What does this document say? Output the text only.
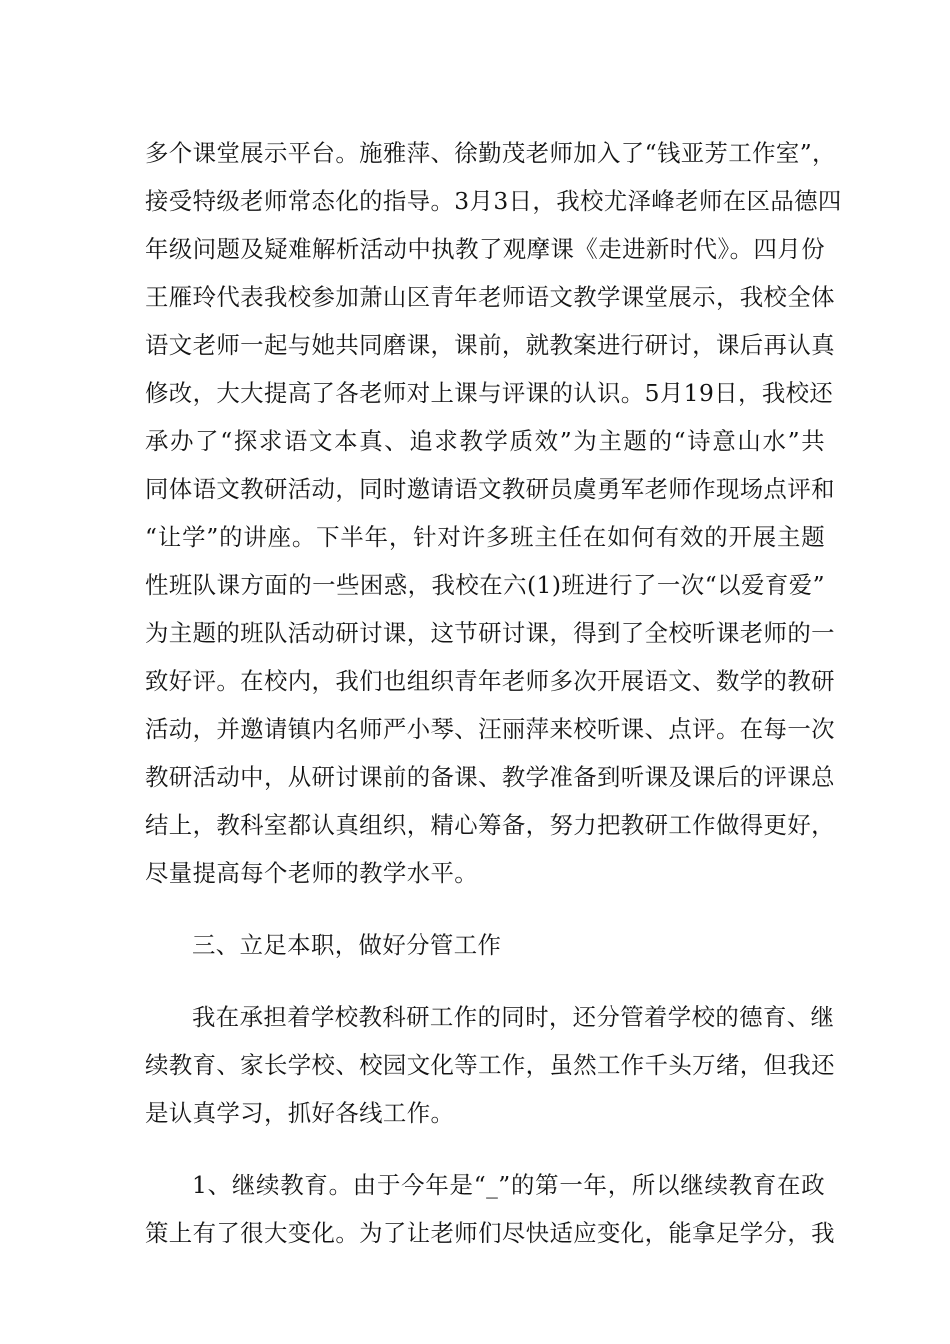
多个课堂展示平台。施雅萍、徐勤茂老师加入了“钱亚芳工作室”，
接受特级老师常态化的指导。3月3日，我校尤泽峰老师在区品德四
年级问题及疑难解析活动中执教了观摩课《走进新时代》。四月份
王雁玲代表我校参加萧山区青年老师语文教学课堂展示，我校全体
语文老师一起与她共同磨课，课前，就教案进行研讨，课后再认真
修改，大大提高了各老师对上课与评课的认识。5月19日，我校还
承办了“探求语文本真、追求教学质效”为主题的“诗意山水”共
同体语文教研活动，同时邀请语文教研员虞勇军老师作现场点评和
“让学”的讲座。下半年，针对许多班主任在如何有效的开展主题
性班队课方面的一些困惑，我校在六(1)班进行了一次“以爱育爱”
为主题的班队活动研讨课，这节研讨课，得到了全校听课老师的一
致好评。在校内，我们也组织青年老师多次开展语文、数学的教研
活动，并邀请镇内名师严小琴、汪丽萍来校听课、点评。在每一次
教研活动中，从研讨课前的备课、教学准备到听课及课后的评课总
结上，教科室都认真组织，精心筹备，努力把教研工作做得更好，
尽量提高每个老师的教学水平。
三、立足本职，做好分管工作
我在承担着学校教科研工作的同时，还分管着学校的德育、继
续教育、家长学校、校园文化等工作，虽然工作千头万绪，但我还
是认真学习，抓好各线工作。
1、继续教育。由于今年是“_”的第一年，所以继续教育在政
策上有了很大变化。为了让老师们尽快适应变化，能拿足学分，我
